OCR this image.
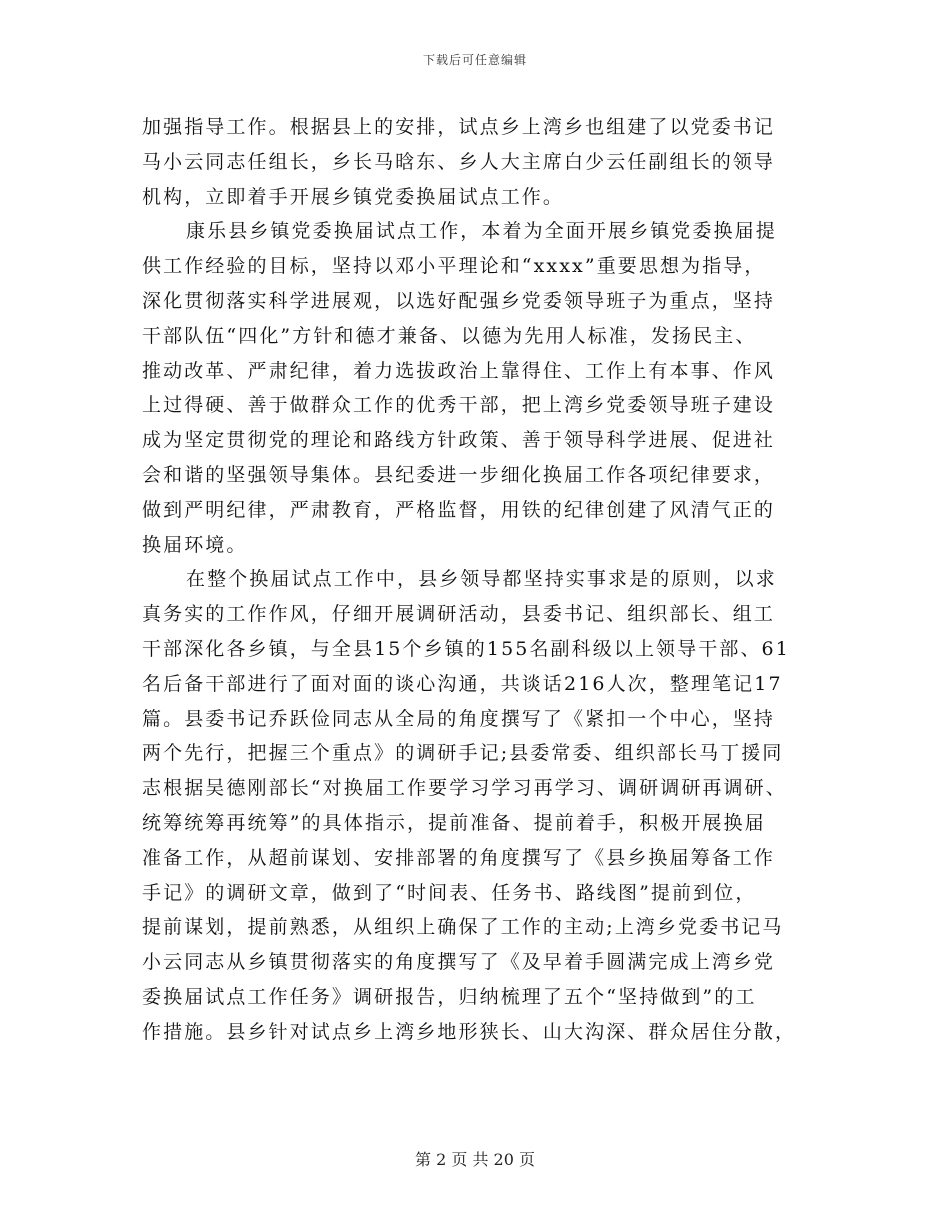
下载后可任意编辑
加强指导工作。根据县上的安排，试点乡上湾乡也组建了以党委书记
马小云同志任组长，乡长马晗东、乡人大主席白少云任副组长的领导
机构，立即着手开展乡镇党委换届试点工作。
康乐县乡镇党委换届试点工作，本着为全面开展乡镇党委换届提
供工作经验的目标，坚持以邓小平理论和“xxxx”重要思想为指导，
深化贯彻落实科学进展观，以选好配强乡党委领导班子为重点，坚持
干部队伍“四化”方针和德才兼备、以德为先用人标准，发扬民主、
推动改革、严肃纪律，着力选拔政治上靠得住、工作上有本事、作风
上过得硬、善于做群众工作的优秀干部，把上湾乡党委领导班子建设
成为坚定贯彻党的理论和路线方针政策、善于领导科学进展、促进社
会和谐的坚强领导集体。县纪委进一步细化换届工作各项纪律要求，
做到严明纪律，严肃教育，严格监督，用铁的纪律创建了风清气正的
换届环境。
在整个换届试点工作中，县乡领导都坚持实事求是的原则，以求
真务实的工作作风，仔细开展调研活动，县委书记、组织部长、组工
干部深化各乡镇，与全县15个乡镇的155名副科级以上领导干部、61
名后备干部进行了面对面的谈心沟通，共谈话216人次，整理笔记17
篇。县委书记乔跃俭同志从全局的角度撰写了《紧扣一个中心，坚持
两个先行，把握三个重点》的调研手记;县委常委、组织部长马丁援同
志根据吴德刚部长“对换届工作要学习学习再学习、调研调研再调研、
统筹统筹再统筹”的具体指示，提前准备、提前着手，积极开展换届
准备工作，从超前谋划、安排部署的角度撰写了《县乡换届筹备工作
手记》的调研文章，做到了“时间表、任务书、路线图”提前到位，
提前谋划，提前熟悉，从组织上确保了工作的主动;上湾乡党委书记马
小云同志从乡镇贯彻落实的角度撰写了《及早着手圆满完成上湾乡党
委换届试点工作任务》调研报告，归纳梳理了五个“坚持做到”的工
作措施。县乡针对试点乡上湾乡地形狭长、山大沟深、群众居住分散，
第 2 页 共 20 页
